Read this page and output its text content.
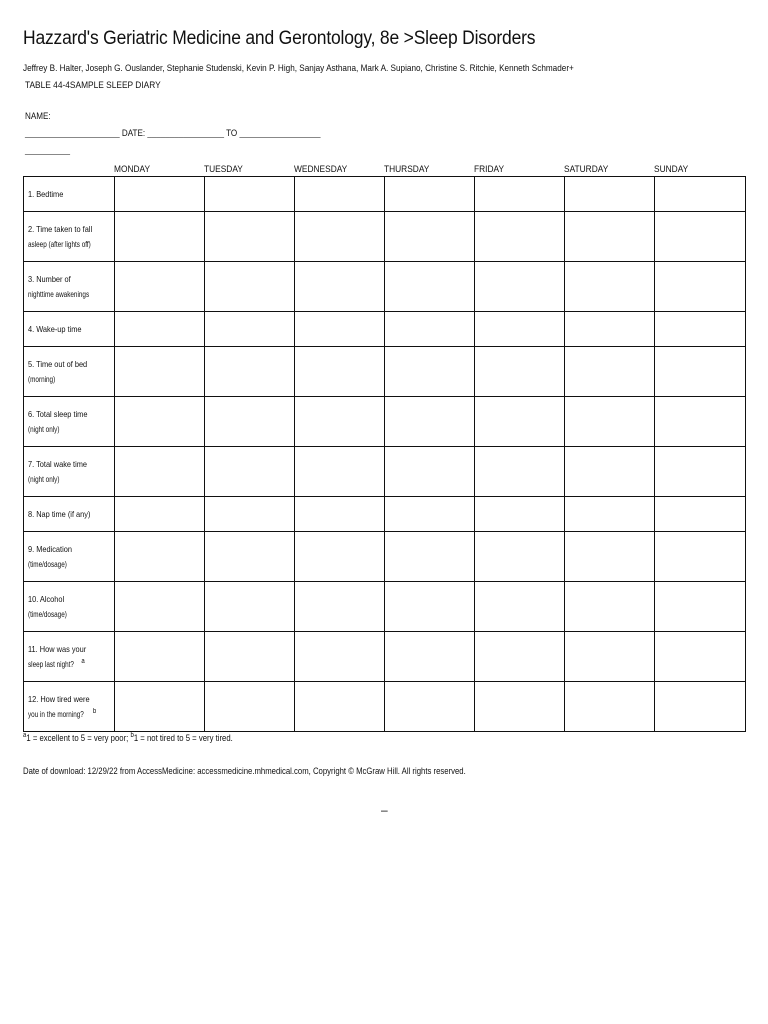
Hazzard's Geriatric Medicine and Gerontology, 8e >Sleep Disorders
Jeffrey B. Halter, Joseph G. Ouslander, Stephanie Studenski, Kevin P. High, Sanjay Asthana, Mark A. Supiano, Christine S. Ritchie, Kenneth Schmader+
TABLE 44-4SAMPLE SLEEP DIARY
NAME:
_____________________ DATE: _________________ TO __________________
__________
MONDAY	TUESDAY	WEDNESDAY	THURSDAY	FRIDAY	SATURDAY	SUNDAY
1. Bedtime							
2. Time taken to fall
asleep (after lights off)							
3. Number of
nighttime awakenings							
4. Wake-up time							
5. Time out of bed
(morning)							
6. Total sleep time
(night only)							
7. Total wake time
(night only)							
8. Nap time (if any)							
9. Medication
(time/dosage)							
10. Alcohol
(time/dosage)							
11. How was your
sleep last night? $^a$							
12. How tired were
you in the morning? $^b$							
$^a$1 = excellent to 5 = very poor; $^b$1 = not tired to 5 = very tired.
Date of download: 12/29/22 from AccessMedicine: accessmedicine.mhmedical.com, Copyright © McGraw Hill. All rights reserved.
–
